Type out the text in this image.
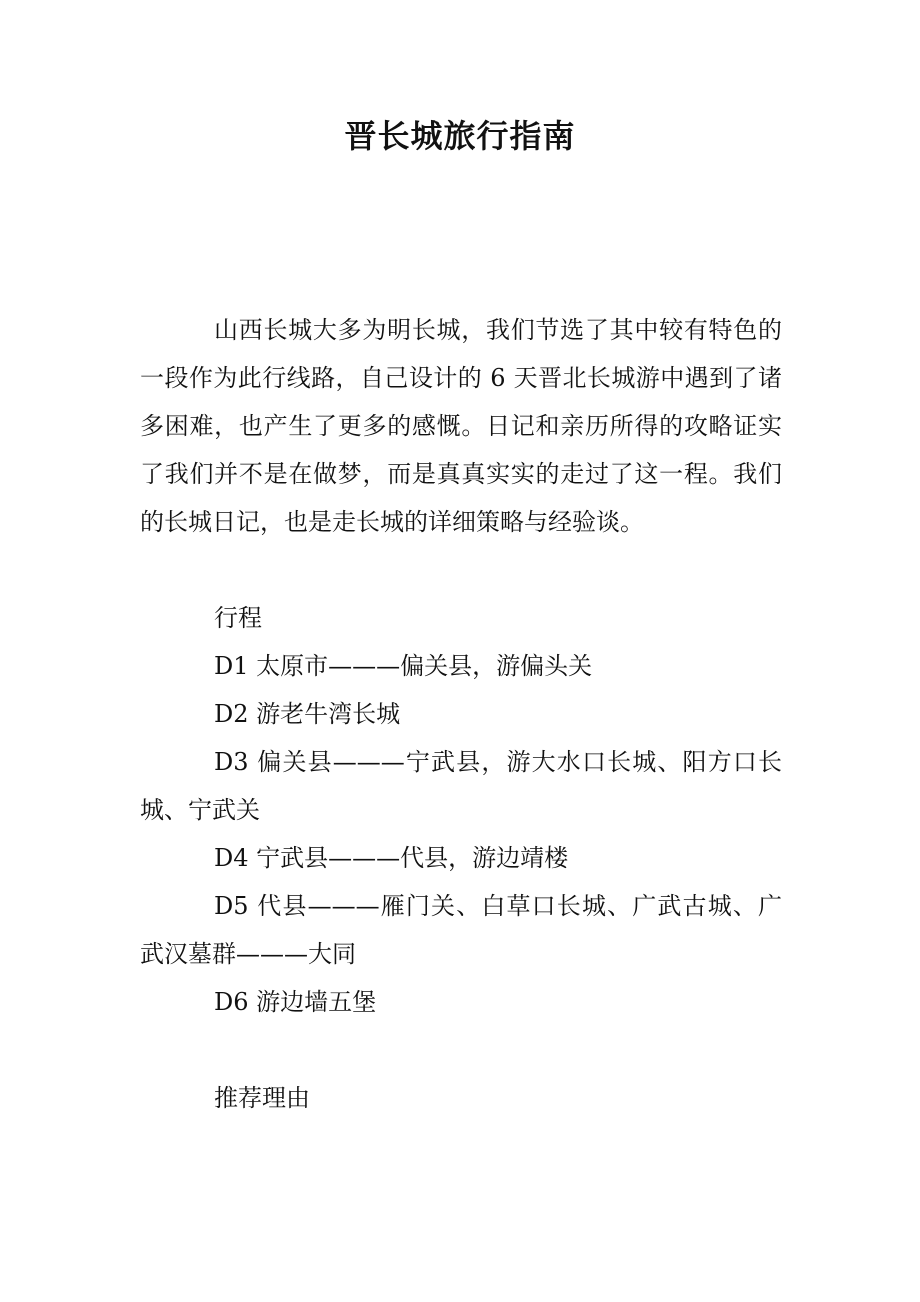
晋长城旅行指南

山西长城大多为明长城，我们节选了其中较有特色的一段作为此行线路，自己设计的 6 天晋北长城游中遇到了诸多困难，也产生了更多的感慨。日记和亲历所得的攻略证实了我们并不是在做梦，而是真真实实的走过了这一程。我们的长城日记，也是走长城的详细策略与经验谈。

行程

D1 太原市———偏关县，游偏头关

D2 游老牛湾长城

D3 偏关县———宁武县，游大水口长城、阳方口长城、宁武关

D4 宁武县———代县，游边靖楼

D5 代县———雁门关、白草口长城、广武古城、广武汉墓群———大同

D6 游边墙五堡

推荐理由
